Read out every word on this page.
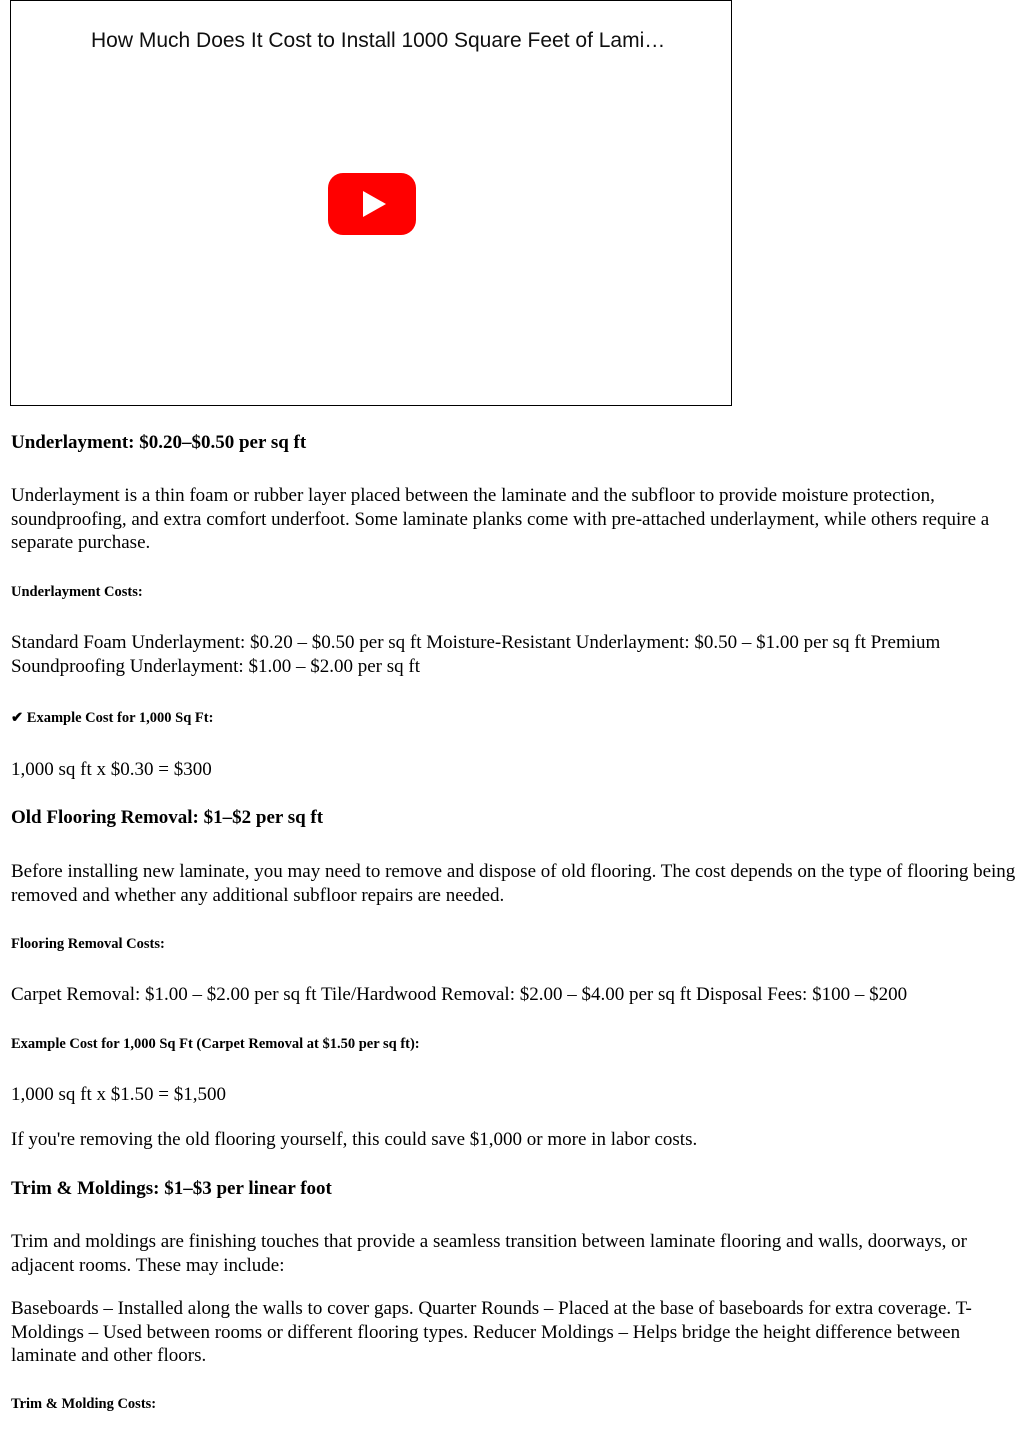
How Much Does It Cost to Install 1000 Square Feet of Lami…
Underlayment: $0.20–$0.50 per sq ft
Underlayment is a thin foam or rubber layer placed between the laminate and the subfloor to provide moisture protection, soundproofing, and extra comfort underfoot. Some laminate planks come with pre-attached underlayment, while others require a separate purchase.
Underlayment Costs:
Standard Foam Underlayment: $0.20 – $0.50 per sq ft Moisture-Resistant Underlayment: $0.50 – $1.00 per sq ft Premium Soundproofing Underlayment: $1.00 – $2.00 per sq ft
✔ Example Cost for 1,000 Sq Ft:
1,000 sq ft x $0.30 = $300
Old Flooring Removal: $1–$2 per sq ft
Before installing new laminate, you may need to remove and dispose of old flooring. The cost depends on the type of flooring being removed and whether any additional subfloor repairs are needed.
Flooring Removal Costs:
Carpet Removal: $1.00 – $2.00 per sq ft Tile/Hardwood Removal: $2.00 – $4.00 per sq ft Disposal Fees: $100 – $200
Example Cost for 1,000 Sq Ft (Carpet Removal at $1.50 per sq ft):
1,000 sq ft x $1.50 = $1,500
If you're removing the old flooring yourself, this could save $1,000 or more in labor costs.
Trim & Moldings: $1–$3 per linear foot
Trim and moldings are finishing touches that provide a seamless transition between laminate flooring and walls, doorways, or adjacent rooms. These may include:
Baseboards – Installed along the walls to cover gaps. Quarter Rounds – Placed at the base of baseboards for extra coverage. T-Moldings – Used between rooms or different flooring types. Reducer Moldings – Helps bridge the height difference between laminate and other floors.
Trim & Molding Costs:
